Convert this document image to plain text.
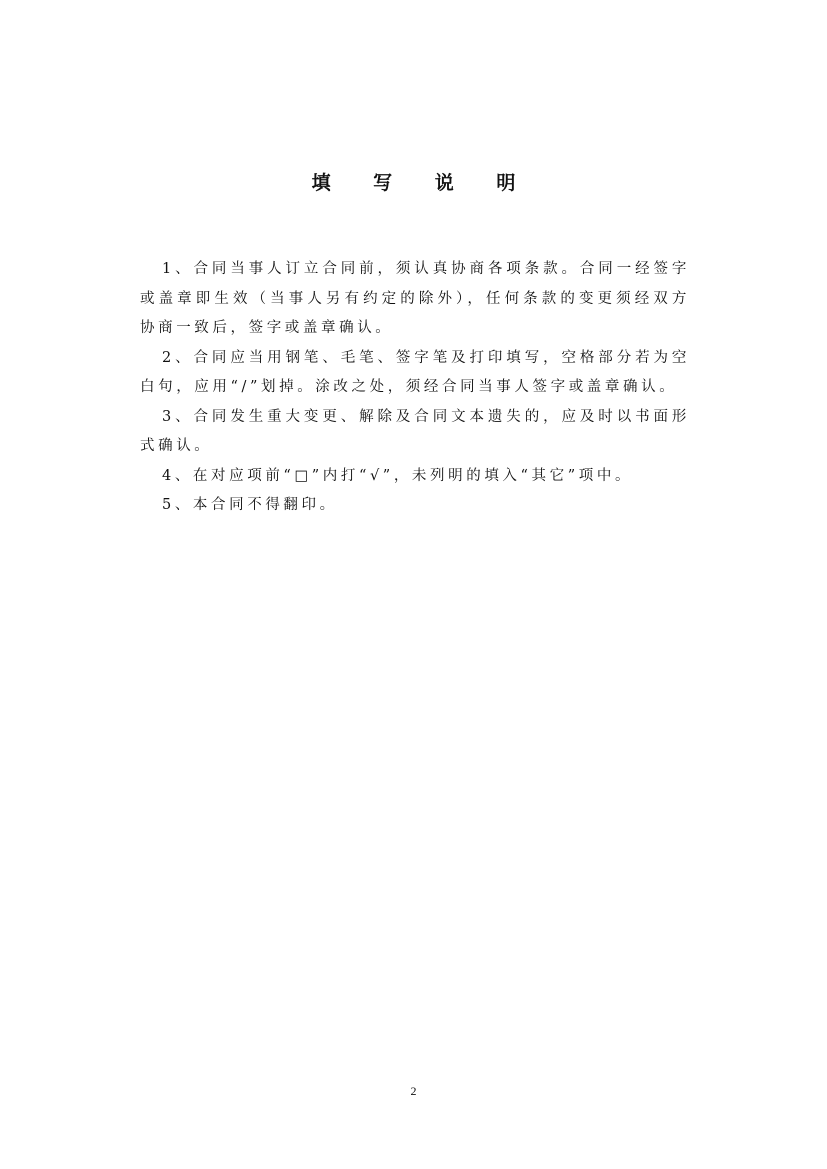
填 写 说 明

1、合同当事人订立合同前，须认真协商各项条款。合同一经签字或盖章即生效（当事人另有约定的除外），任何条款的变更须经双方协商一致后，签字或盖章确认。

2、合同应当用钢笔、毛笔、签字笔及打印填写，空格部分若为空白句，应用“/”划掉。涂改之处，须经合同当事人签字或盖章确认。

3、合同发生重大变更、解除及合同文本遗失的，应及时以书面形式确认。

4、在对应项前“□”内打“√”，未列明的填入“其它”项中。

5、本合同不得翻印。

2
